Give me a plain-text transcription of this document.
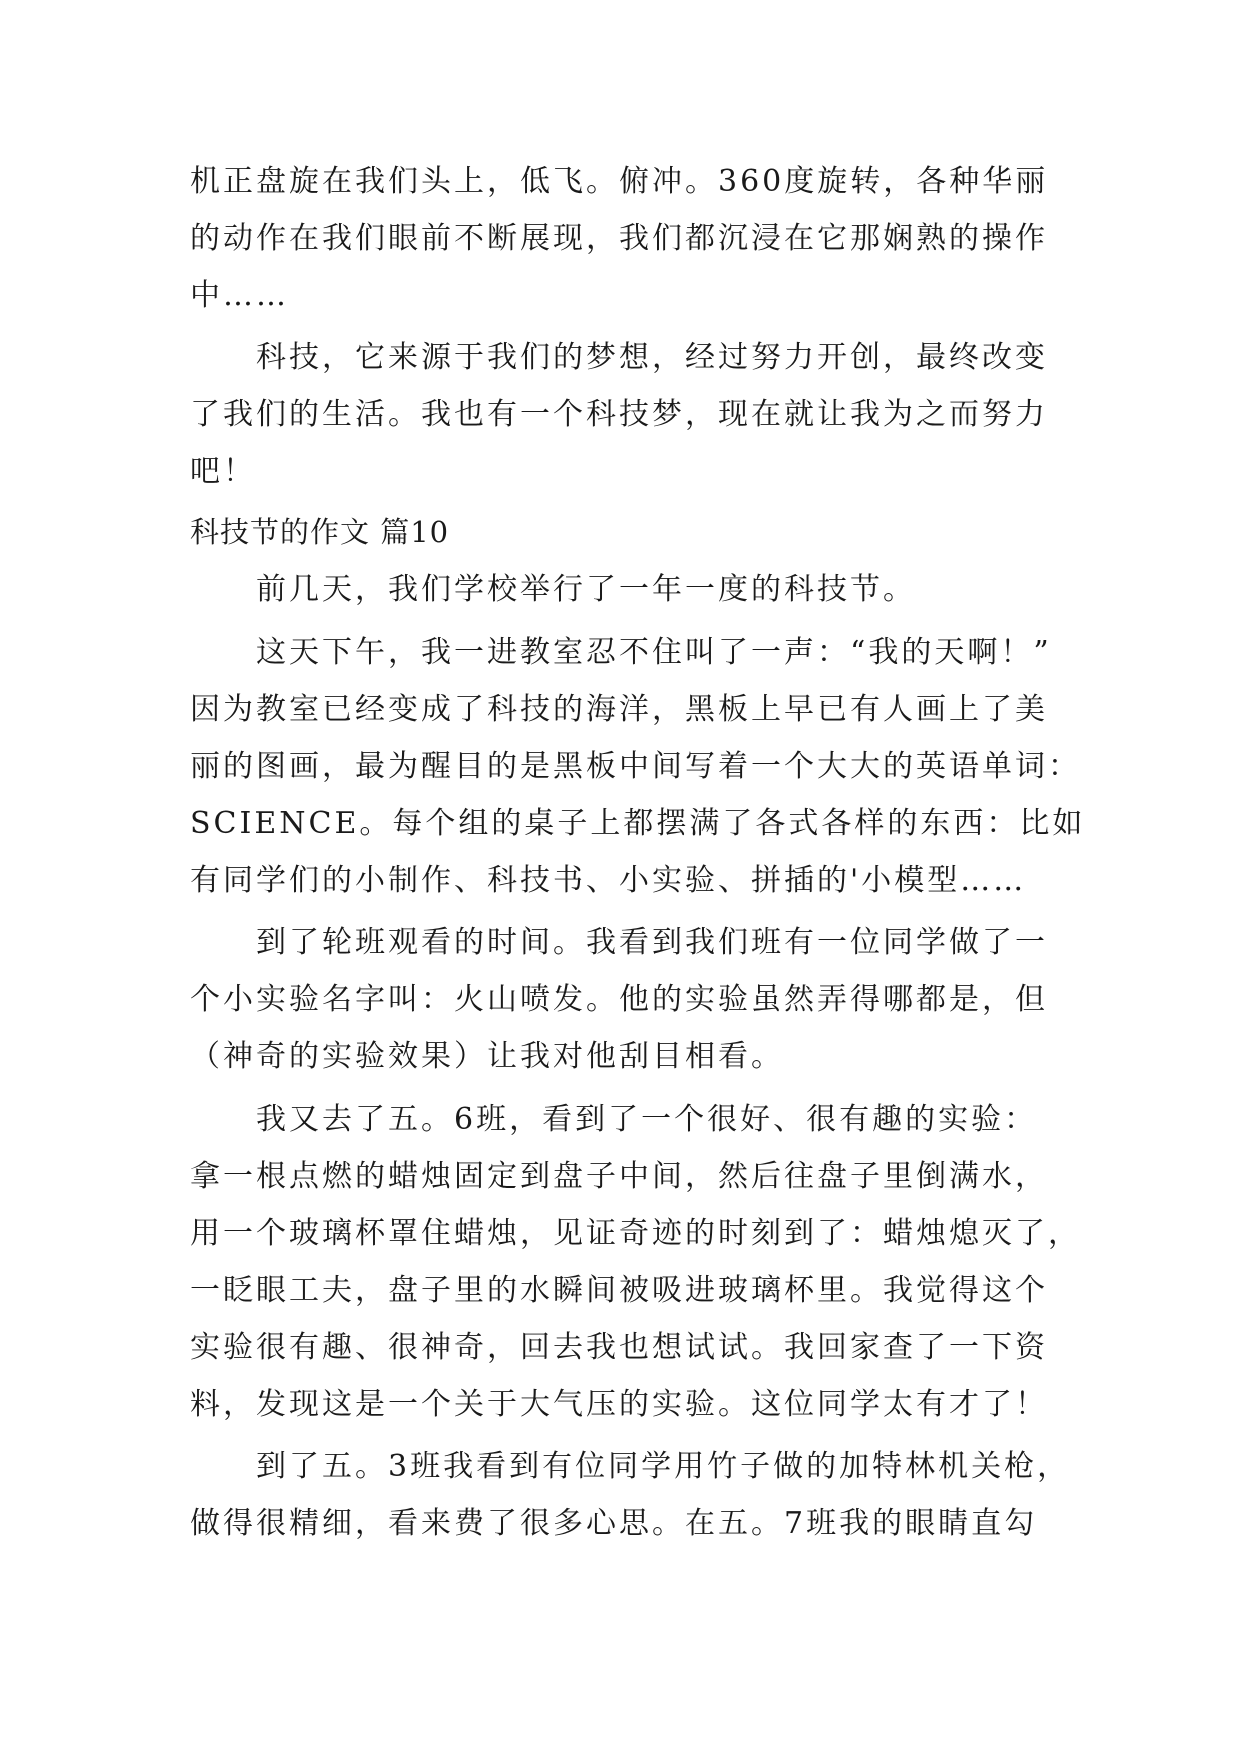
机正盘旋在我们头上，低飞。俯冲。360度旋转，各种华丽
的动作在我们眼前不断展现，我们都沉浸在它那娴熟的操作
中……
科技，它来源于我们的梦想，经过努力开创，最终改变
了我们的生活。我也有一个科技梦，现在就让我为之而努力
吧！
科技节的作文 篇10
前几天，我们学校举行了一年一度的科技节。
这天下午，我一进教室忍不住叫了一声：“我的天啊！”
因为教室已经变成了科技的海洋，黑板上早已有人画上了美
丽的图画，最为醒目的是黑板中间写着一个大大的英语单词：
SCIENCE。每个组的桌子上都摆满了各式各样的东西：比如
有同学们的小制作、科技书、小实验、拼插的'小模型……
到了轮班观看的时间。我看到我们班有一位同学做了一
个小实验名字叫：火山喷发。他的实验虽然弄得哪都是，但
（神奇的实验效果）让我对他刮目相看。
我又去了五。6班，看到了一个很好、很有趣的实验：
拿一根点燃的蜡烛固定到盘子中间，然后往盘子里倒满水，
用一个玻璃杯罩住蜡烛，见证奇迹的时刻到了：蜡烛熄灭了，
一眨眼工夫，盘子里的水瞬间被吸进玻璃杯里。我觉得这个
实验很有趣、很神奇，回去我也想试试。我回家查了一下资
料，发现这是一个关于大气压的实验。这位同学太有才了！
到了五。3班我看到有位同学用竹子做的加特林机关枪，
做得很精细，看来费了很多心思。在五。7班我的眼睛直勾
